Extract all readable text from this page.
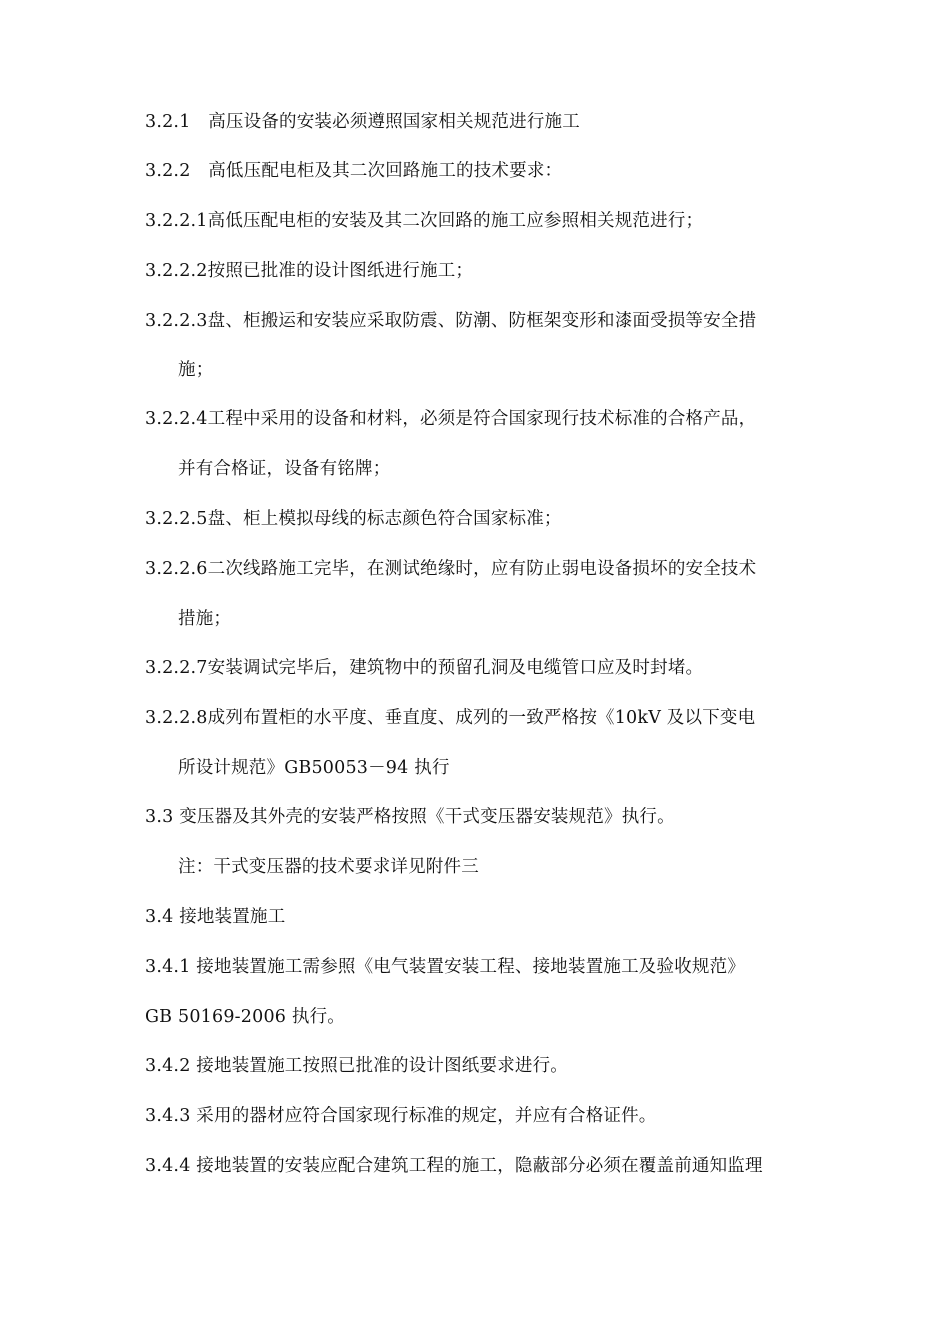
3.2.1　高压设备的安装必须遵照国家相关规范进行施工
3.2.2　高低压配电柜及其二次回路施工的技术要求：
3.2.2.1高低压配电柜的安装及其二次回路的施工应参照相关规范进行；
3.2.2.2按照已批准的设计图纸进行施工；
3.2.2.3盘、柜搬运和安装应采取防震、防潮、防框架变形和漆面受损等安全措
施；
3.2.2.4工程中采用的设备和材料，必须是符合国家现行技术标准的合格产品，
并有合格证，设备有铭牌；
3.2.2.5盘、柜上模拟母线的标志颜色符合国家标准；
3.2.2.6二次线路施工完毕，在测试绝缘时，应有防止弱电设备损坏的安全技术
措施；
3.2.2.7安装调试完毕后，建筑物中的预留孔洞及电缆管口应及时封堵。
3.2.2.8成列布置柜的水平度、垂直度、成列的一致严格按《10kV 及以下变电
所设计规范》GB50053－94 执行
3.3 变压器及其外壳的安装严格按照《干式变压器安装规范》执行。
注：干式变压器的技术要求详见附件三
3.4 接地装置施工
3.4.1 接地装置施工需参照《电气装置安装工程、接地装置施工及验收规范》
GB 50169-2006 执行。
3.4.2 接地装置施工按照已批准的设计图纸要求进行。
3.4.3 采用的器材应符合国家现行标准的规定，并应有合格证件。
3.4.4 接地装置的安装应配合建筑工程的施工，隐蔽部分必须在覆盖前通知监理
